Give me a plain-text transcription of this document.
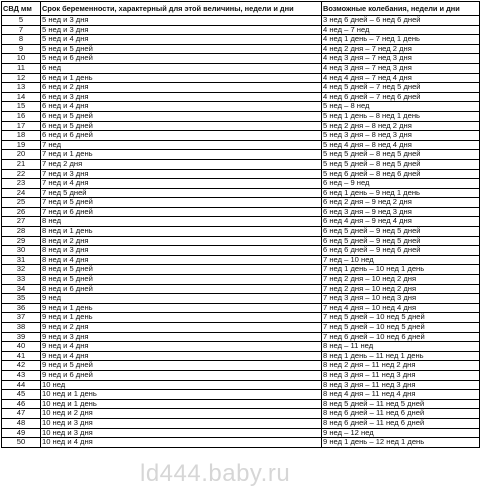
СВД мм	Срок беременности, характерный для этой величины, недели и дни	Возможные колебания, недели и дни
5	5 нед и 3 дня	3 нед 6 дней – 6 нед 6 дней
7	5 нед и 3 дня	4 нед – 7 нед
8	5 нед и 4 дня	4 нед 1 день – 7 нед 1 день
9	5 нед и 5 дней	4 нед 2 дня – 7 нед 2 дня
10	5 нед и 6 дней	4 нед 3 дня – 7 нед 3 дня
11	6 нед	4 нед 3 дня – 7 нед 3 дня
12	6 нед и 1 день	4 нед 4 дня – 7 нед 4 дня
13	6 нед и 2 дня	4 нед 5 дней – 7 нед 5 дней
14	6 нед и 3 дня	4 нед 6 дней – 7 нед 6 дней
15	6 нед и 4 дня	5 нед – 8 нед
16	6 нед и 5 дней	5 нед 1 день – 8 нед 1 день
17	6 нед и 5 дней	5 нед 2 дня – 8 нед 2 дня
18	6 нед и 6 дней	5 нед 3 дня – 8 нед 3 дня
19	7 нед	5 нед 4 дня – 8 нед 4 дня
20	7 нед и 1 день	5 нед 5 дней – 8 нед 5 дней
21	7 нед 2 дня	5 нед 5 дней – 8 нед 5 дней
22	7 нед и 3 дня	5 нед 6 дней – 8 нед 6 дней
23	7 нед и 4 дня	6 нед – 9 нед
24	7 нед 5 дней	6 нед 1 день – 9 нед 1 день
25	7 нед и 5 дней	6 нед 2 дня – 9 нед 2 дня
26	7 нед и 6 дней	6 нед 3 дня – 9 нед 3 дня
27	8 нед	6 нед 4 дня – 9 нед 4 дня
28	8 нед и 1 день	6 нед 5 дней – 9 нед 5 дней
29	8 нед и 2 дня	6 нед 5 дней – 9 нед 5 дней
30	8 нед и 3 дня	6 нед 6 дней – 9 нед 6 дней
31	8 нед и 4 дня	7 нед – 10 нед
32	8 нед и 5 дней	7 нед 1 день – 10 нед 1 день
33	8 нед и 5 дней	7 нед 2 дня – 10 нед 2 дня
34	8 нед и 6 дней	7 нед 2 дня – 10 нед 2 дня
35	9 нед	7 нед 3 дня – 10 нед 3 дня
36	9 нед и 1 день	7 нед 4 дня – 10 нед 4 дня
37	9 нед и 1 день	7 нед 5 дней – 10 нед 5 дней
38	9 нед и 2 дня	7 нед 5 дней – 10 нед 5 дней
39	9 нед и 3 дня	7 нед 6 дней – 10 нед 6 дней
40	9 нед и 4 дня	8 нед – 11 нед
41	9 нед и 4 дня	8 нед 1 день – 11 нед 1 день
42	9 нед и 5 дней	8 нед 2 дня – 11 нед 2 дня
43	9 нед и 6 дней	8 нед 3 дня – 11 нед 3 дня
44	10 нед	8 нед 3 дня – 11 нед 3 дня
45	10 нед и 1 день	8 нед 4 дня – 11 нед 4 дня
46	10 нед и 1 день	8 нед 5 дней – 11 нед 5 дней
47	10 нед и 2 дня	8 нед 6 дней – 11 нед 6 дней
48	10 нед и 3 дня	8 нед 6 дней – 11 нед 6 дней
49	10 нед и 3 дня	9 нед – 12 нед
50	10 нед и 4 дня	9 нед 1 день – 12 нед 1 день
ld444.baby.ru
